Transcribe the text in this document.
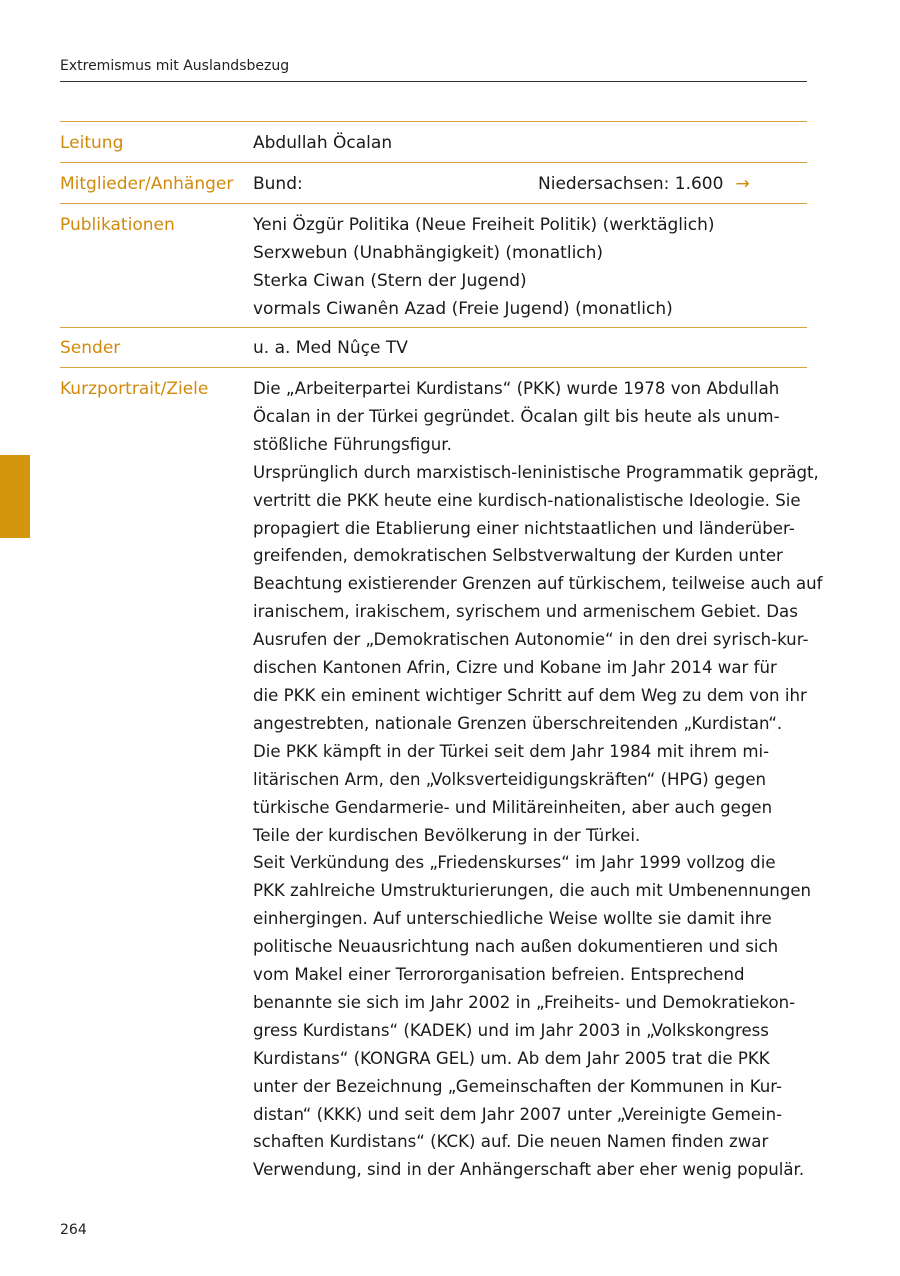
Extremismus mit Auslandsbezug
Leitung	Abdullah Öcalan
Mitglieder/Anhänger	Bund:	Niedersachsen: 1.600 →
Publikationen	Yeni Özgür Politika (Neue Freiheit Politik) (werktäglich)
Serxwebun (Unabhängigkeit) (monatlich)
Sterka Ciwan (Stern der Jugend)
vormals Ciwanên Azad (Freie Jugend) (monatlich)
Sender	u. a. Med Nûçe TV
Kurzportrait/Ziele	Die „Arbeiterpartei Kurdistans“ (PKK) wurde 1978 von Abdullah
Öcalan in der Türkei gegründet. Öcalan gilt bis heute als unum-
stößliche Führungsfigur.
Ursprünglich durch marxistisch-leninistische Programmatik geprägt,
vertritt die PKK heute eine kurdisch-nationalistische Ideologie. Sie
propagiert die Etablierung einer nichtstaatlichen und länderüber-
greifenden, demokratischen Selbstverwaltung der Kurden unter
Beachtung existierender Grenzen auf türkischem, teilweise auch auf
iranischem, irakischem, syrischem und armenischem Gebiet. Das
Ausrufen der „Demokratischen Autonomie“ in den drei syrisch-kur-
dischen Kantonen Afrin, Cizre und Kobane im Jahr 2014 war für
die PKK ein eminent wichtiger Schritt auf dem Weg zu dem von ihr
angestrebten, nationale Grenzen überschreitenden „Kurdistan“.
Die PKK kämpft in der Türkei seit dem Jahr 1984 mit ihrem mi-
litärischen Arm, den „Volksverteidigungskräften“ (HPG) gegen
türkische Gendarmerie- und Militäreinheiten, aber auch gegen
Teile der kurdischen Bevölkerung in der Türkei.
Seit Verkündung des „Friedenskurses“ im Jahr 1999 vollzog die
PKK zahlreiche Umstrukturierungen, die auch mit Umbenennungen
einhergingen. Auf unterschiedliche Weise wollte sie damit ihre
politische Neuausrichtung nach außen dokumentieren und sich
vom Makel einer Terrororganisation befreien. Entsprechend
benannte sie sich im Jahr 2002 in „Freiheits- und Demokratiekon-
gress Kurdistans“ (KADEK) und im Jahr 2003 in „Volkskongress
Kurdistans“ (KONGRA GEL) um. Ab dem Jahr 2005 trat die PKK
unter der Bezeichnung „Gemeinschaften der Kommunen in Kur-
distan“ (KKK) und seit dem Jahr 2007 unter „Vereinigte Gemein-
schaften Kurdistans“ (KCK) auf. Die neuen Namen finden zwar
Verwendung, sind in der Anhängerschaft aber eher wenig populär.
264
